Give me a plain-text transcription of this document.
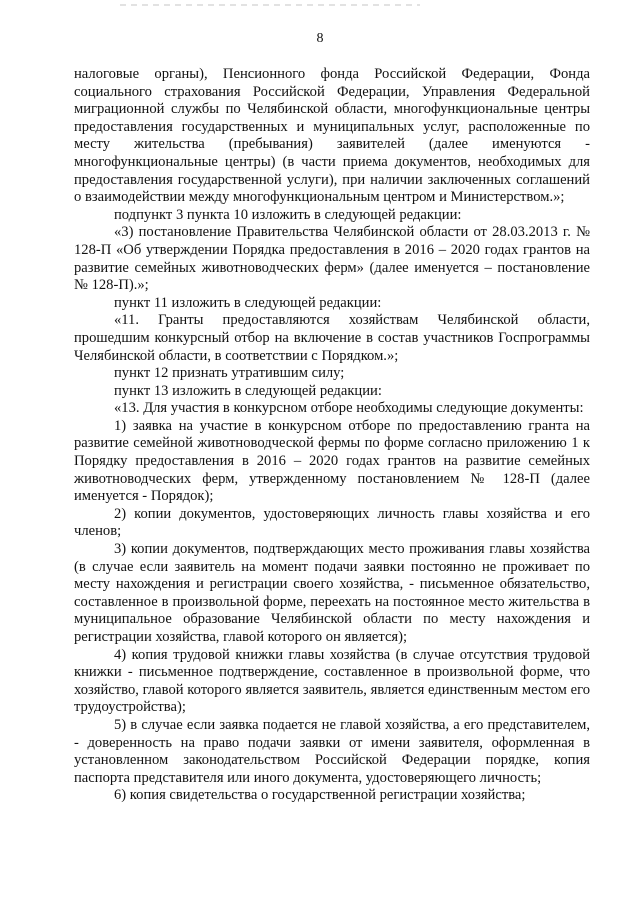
8

налоговые органы), Пенсионного фонда Российской Федерации, Фонда социального страхования Российской Федерации, Управления Федеральной миграционной службы по Челябинской области, многофункциональные центры предоставления государственных и муниципальных услуг, расположенные по месту жительства (пребывания) заявителей (далее именуются - многофункциональные центры) (в части приема документов, необходимых для предоставления государственной услуги), при наличии заключенных соглашений о взаимодействии между многофункциональным центром и Министерством.»;

подпункт 3 пункта 10 изложить в следующей редакции:

«3) постановление Правительства Челябинской области от 28.03.2013 г. № 128-П «Об утверждении Порядка предоставления в 2016 – 2020 годах грантов на развитие семейных животноводческих ферм» (далее именуется – постановление № 128-П).»;

пункт 11 изложить в следующей редакции:

«11. Гранты предоставляются хозяйствам Челябинской области, прошедшим конкурсный отбор на включение в состав участников Госпрограммы Челябинской области, в соответствии с Порядком.»;

пункт 12 признать утратившим силу;

пункт 13 изложить в следующей редакции:

«13. Для участия в конкурсном отборе необходимы следующие документы:

1) заявка на участие в конкурсном отборе по предоставлению гранта на развитие семейной животноводческой фермы по форме согласно приложению 1 к Порядку предоставления в 2016 – 2020 годах грантов на развитие семейных животноводческих ферм, утвержденному постановлением № 128-П (далее именуется - Порядок);

2) копии документов, удостоверяющих личность главы хозяйства и его членов;

3) копии документов, подтверждающих место проживания главы хозяйства (в случае если заявитель на момент подачи заявки постоянно не проживает по месту нахождения и регистрации своего хозяйства, - письменное обязательство, составленное в произвольной форме, переехать на постоянное место жительства в муниципальное образование Челябинской области по месту нахождения и регистрации хозяйства, главой которого он является);

4) копия трудовой книжки главы хозяйства (в случае отсутствия трудовой книжки - письменное подтверждение, составленное в произвольной форме, что хозяйство, главой которого является заявитель, является единственным местом его трудоустройства);

5) в случае если заявка подается не главой хозяйства, а его представителем, - доверенность на право подачи заявки от имени заявителя, оформленная в установленном законодательством Российской Федерации порядке, копия паспорта представителя или иного документа, удостоверяющего личность;

6) копия свидетельства о государственной регистрации хозяйства;
